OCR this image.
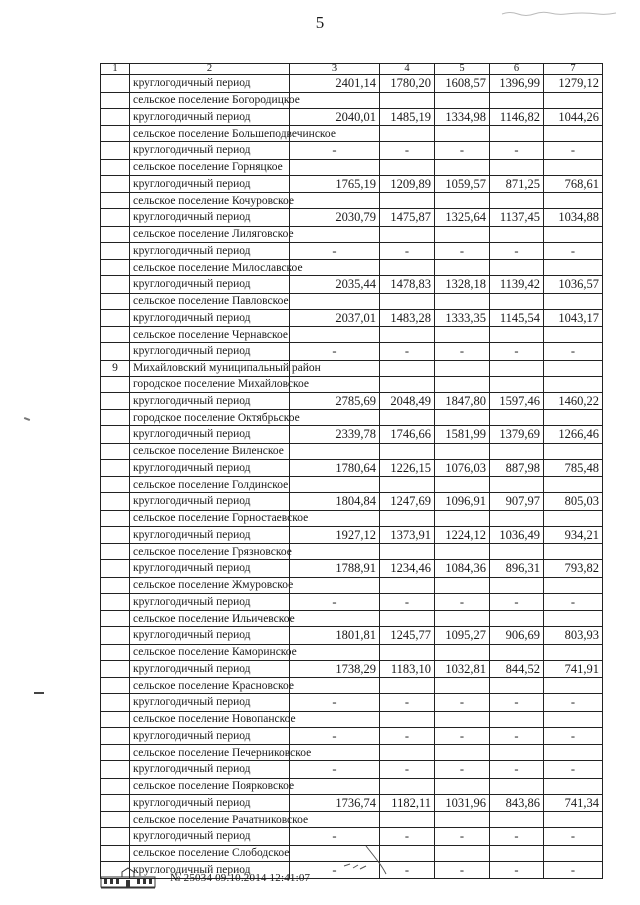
5
1	2	3	4	5	6	7
	круглогодичный период	2401,14	1780,20	1608,57	1396,99	1279,12
	сельское поселение Богородицкое					
	круглогодичный период	2040,01	1485,19	1334,98	1146,82	1044,26
	сельское поселение Большеподвечинское					
	круглогодичный период	-	-	-	-	-
	сельское поселение Горняцкое					
	круглогодичный период	1765,19	1209,89	1059,57	871,25	768,61
	сельское поселение Кочуровское					
	круглогодичный период	2030,79	1475,87	1325,64	1137,45	1034,88
	сельское поселение Лиляговское					
	круглогодичный период	-	-	-	-	-
	сельское поселение Милославское					
	круглогодичный период	2035,44	1478,83	1328,18	1139,42	1036,57
	сельское поселение Павловское					
	круглогодичный период	2037,01	1483,28	1333,35	1145,54	1043,17
	сельское поселение Чернавское					
	круглогодичный период	-	-	-	-	-
9	Михайловский муниципальный район					
	городское поселение Михайловское					
	круглогодичный период	2785,69	2048,49	1847,80	1597,46	1460,22
	городское поселение Октябрьское					
	круглогодичный период	2339,78	1746,66	1581,99	1379,69	1266,46
	сельское поселение Виленское					
	круглогодичный период	1780,64	1226,15	1076,03	887,98	785,48
	сельское поселение Голдинское					
	круглогодичный период	1804,84	1247,69	1096,91	907,97	805,03
	сельское поселение Горностаевское					
	круглогодичный период	1927,12	1373,91	1224,12	1036,49	934,21
	сельское поселение Грязновское					
	круглогодичный период	1788,91	1234,46	1084,36	896,31	793,82
	сельское поселение Жмуровское					
	круглогодичный период	-	-	-	-	-
	сельское поселение Ильичевское					
	круглогодичный период	1801,81	1245,77	1095,27	906,69	803,93
	сельское поселение Каморинское					
	круглогодичный период	1738,29	1183,10	1032,81	844,52	741,91
	сельское поселение Красновское					
	круглогодичный период	-	-	-	-	-
	сельское поселение Новопанское					
	круглогодичный период	-	-	-	-	-
	сельское поселение Печерниковское					
	круглогодичный период	-	-	-	-	-
	сельское поселение Поярковское					
	круглогодичный период	1736,74	1182,11	1031,96	843,86	741,34
	сельское поселение Рачатниковское					
	круглогодичный период	-	-	-	-	-
	сельское поселение Слободское					
	круглогодичный период	-	-	-	-	-
№ 25034 09.10.2014 12:41:07
